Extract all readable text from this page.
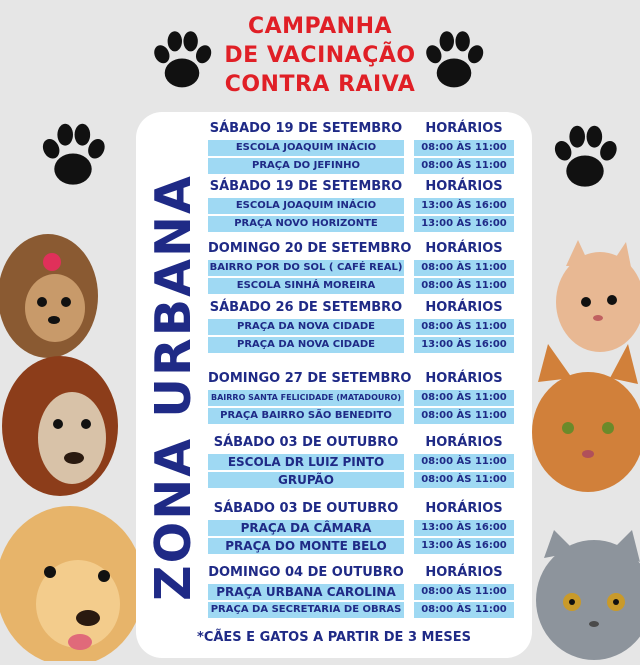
CAMPANHA
DE VACINAÇÃO
CONTRA RAIVA
ZONA URBANA
SÁBADO 19 DE SETEMBRO	HORÁRIOS
ESCOLA JOAQUIM INÁCIO	08:00 ÀS 11:00
PRAÇA DO JEFINHO	08:00 ÀS 11:00
SÁBADO 19 DE SETEMBRO	HORÁRIOS
ESCOLA JOAQUIM INÁCIO	13:00 ÀS 16:00
PRAÇA NOVO HORIZONTE	13:00 ÀS 16:00
DOMINGO 20 DE SETEMBRO	HORÁRIOS
BAIRRO POR DO SOL ( CAFÉ REAL)	08:00 ÀS 11:00
ESCOLA SINHÁ MOREIRA	08:00 ÀS 11:00
SÁBADO 26 DE SETEMBRO	HORÁRIOS
PRAÇA DA NOVA CIDADE	08:00 ÀS 11:00
PRAÇA DA NOVA CIDADE	13:00 ÀS 16:00
DOMINGO 27 DE SETEMBRO	HORÁRIOS
BAIRRO SANTA FELICIDADE (MATADOURO)	08:00 ÀS 11:00
PRAÇA BAIRRO SÃO BENEDITO	08:00 ÀS 11:00
SÁBADO 03 DE OUTUBRO	HORÁRIOS
ESCOLA DR LUIZ PINTO	08:00 ÀS 11:00
GRUPÃO	08:00 ÀS 11:00
SÁBADO 03 DE OUTUBRO	HORÁRIOS
PRAÇA DA CÂMARA	13:00 ÀS 16:00
PRAÇA DO MONTE BELO	13:00 ÀS 16:00
DOMINGO 04 DE OUTUBRO	HORÁRIOS
PRAÇA URBANA CAROLINA	08:00 ÀS 11:00
PRAÇA DA SECRETARIA DE OBRAS	08:00 ÀS 11:00
*CÃES E GATOS A PARTIR DE 3 MESES
